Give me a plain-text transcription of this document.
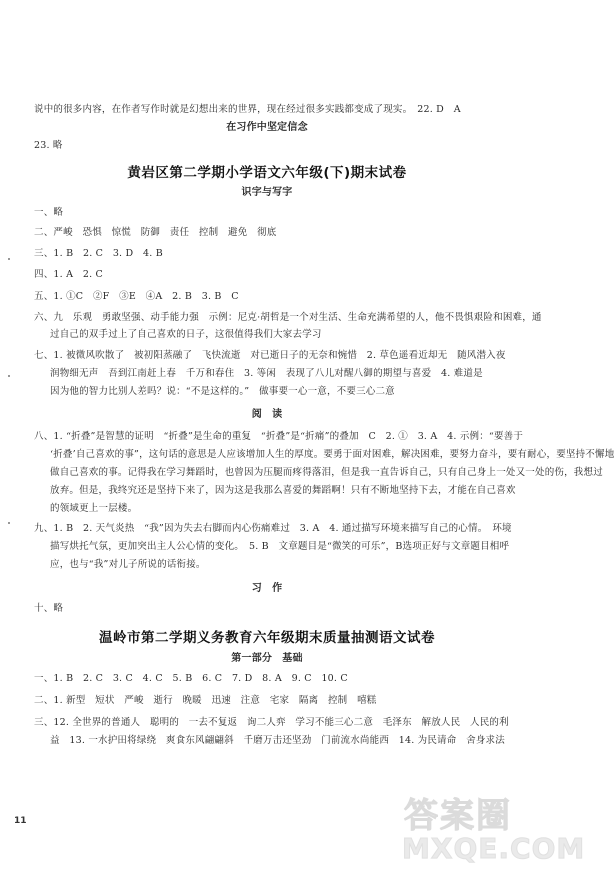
说中的很多内容，在作者写作时就是幻想出来的世界，现在经过很多实践都变成了现实。　22. D　A
在习作中坚定信念
23. 略
黄岩区第二学期小学语文六年级(下)期末试卷
识字与写字
一、略
二、严峻　恐惧　惊慌　防御　责任　控制　避免　彻底
三、1. B　2. C　3. D　4. B
四、1. A　2. C
五、1. ①C　②F　③E　④A　2. B　3. B　C
六、九　乐观　勇敢坚强、动手能力强　示例：尼克·胡哲是一个对生活、生命充满希望的人，他不畏惧艰险和困难，通
过自己的双手过上了自己喜欢的日子，这很值得我们大家去学习
七、1. 被微风吹散了　被初阳蒸融了　飞快流逝　对已逝日子的无奈和惋惜　2. 草色遥看近却无　随风潜入夜
润物细无声　吾到江南赶上春　千万和春住　3. 等闲　表现了八儿对醒八御的期望与喜爱　4. 难道是
因为他的智力比别人差吗？说：“不是这样的。”　做事要一心一意，不要三心二意
阅　读
八、1. “折叠”是智慧的证明　“折叠”是生命的重复　“折叠”是“折痛”的叠加　C　2. ①　3. A　4. 示例：“要善于
‘折叠’自己喜欢的事”，这句话的意思是人应该增加人生的厚度。要勇于面对困难，解决困难，要努力奋斗，要有耐心，要坚持不懈地
做自己喜欢的事。记得我在学习舞蹈时，也曾因为压腿而疼得落泪，但是我一直告诉自己，只有自己身上一处又一处的伤，我想过
放弃。但是，我终究还是坚持下来了，因为这是我那么喜爱的舞蹈啊！只有不断地坚持下去，才能在自己喜欢
的领域更上一层楼。
九、1. B　2. 天气炎热　“我”因为失去右脚而内心伤痛难过　3. A　4. 通过描写环境来描写自己的心情。　环境
描写烘托气氛，更加突出主人公心情的变化。　5. B　文章题目是“微笑的可乐”，B选项正好与文章题目相呼
应，也与“我”对儿子所说的话衔接。
习　作
十、略
温岭市第二学期义务教育六年级期末质量抽测语文试卷
第一部分　基础
一、1. B　2. C　3. C　4. C　5. B　6. C　7. D　8. A　9. C　10. C
二、1. 新型　短状　严峻　逝行　晚暖　迅速　注意　宅家　隔离　控制　嘻糕
三、12. 全世界的普通人　聪明的　一去不复返　询二人弈　学习不能三心二意　毛泽东　解放人民　人民的利
益　13. 一水护田将绿绕　爽食东风翩翩斜　千磨万击还坚劲　门前流水尚能西　14. 为民请命　舍身求法
11	答案圈
MXQE.COM
